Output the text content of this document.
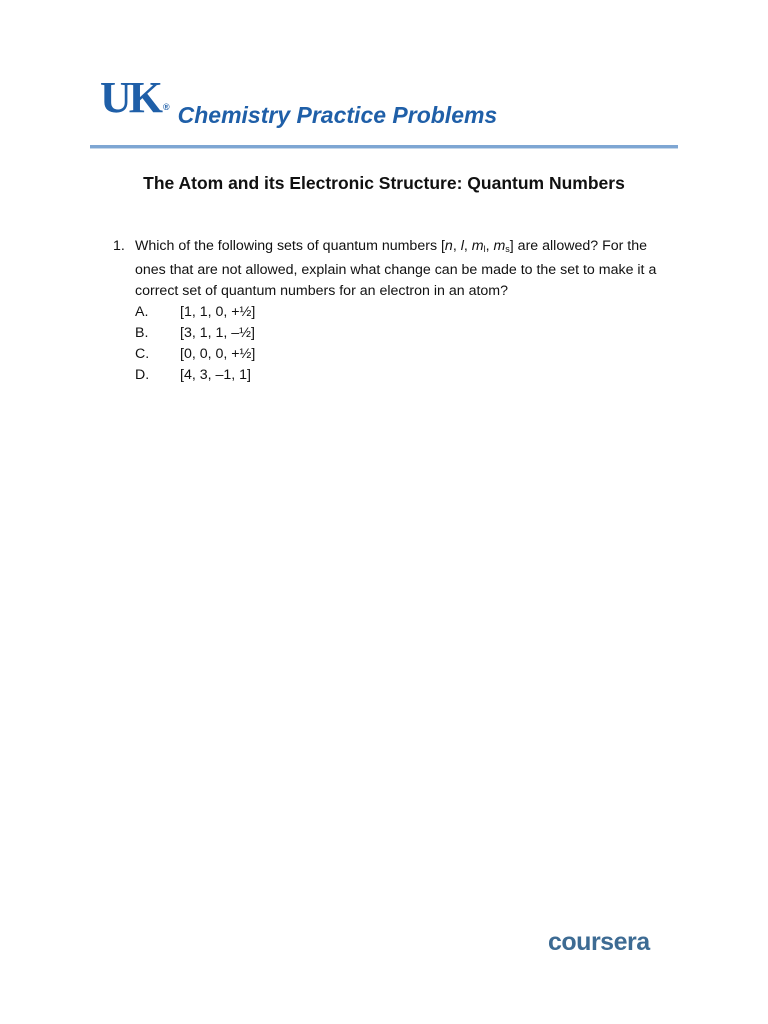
UK ® Chemistry Practice Problems
The Atom and its Electronic Structure: Quantum Numbers
1. Which of the following sets of quantum numbers [n, l, $m_l$, $m_s$] are allowed? For the ones that are not allowed, explain what change can be made to the set to make it a correct set of quantum numbers for an electron in an atom?
A.	[1, 1, 0, +½]
B.	[3, 1, 1, –½]
C.	[0, 0, 0, +½]
D.	[4, 3, –1, 1]
coursera
